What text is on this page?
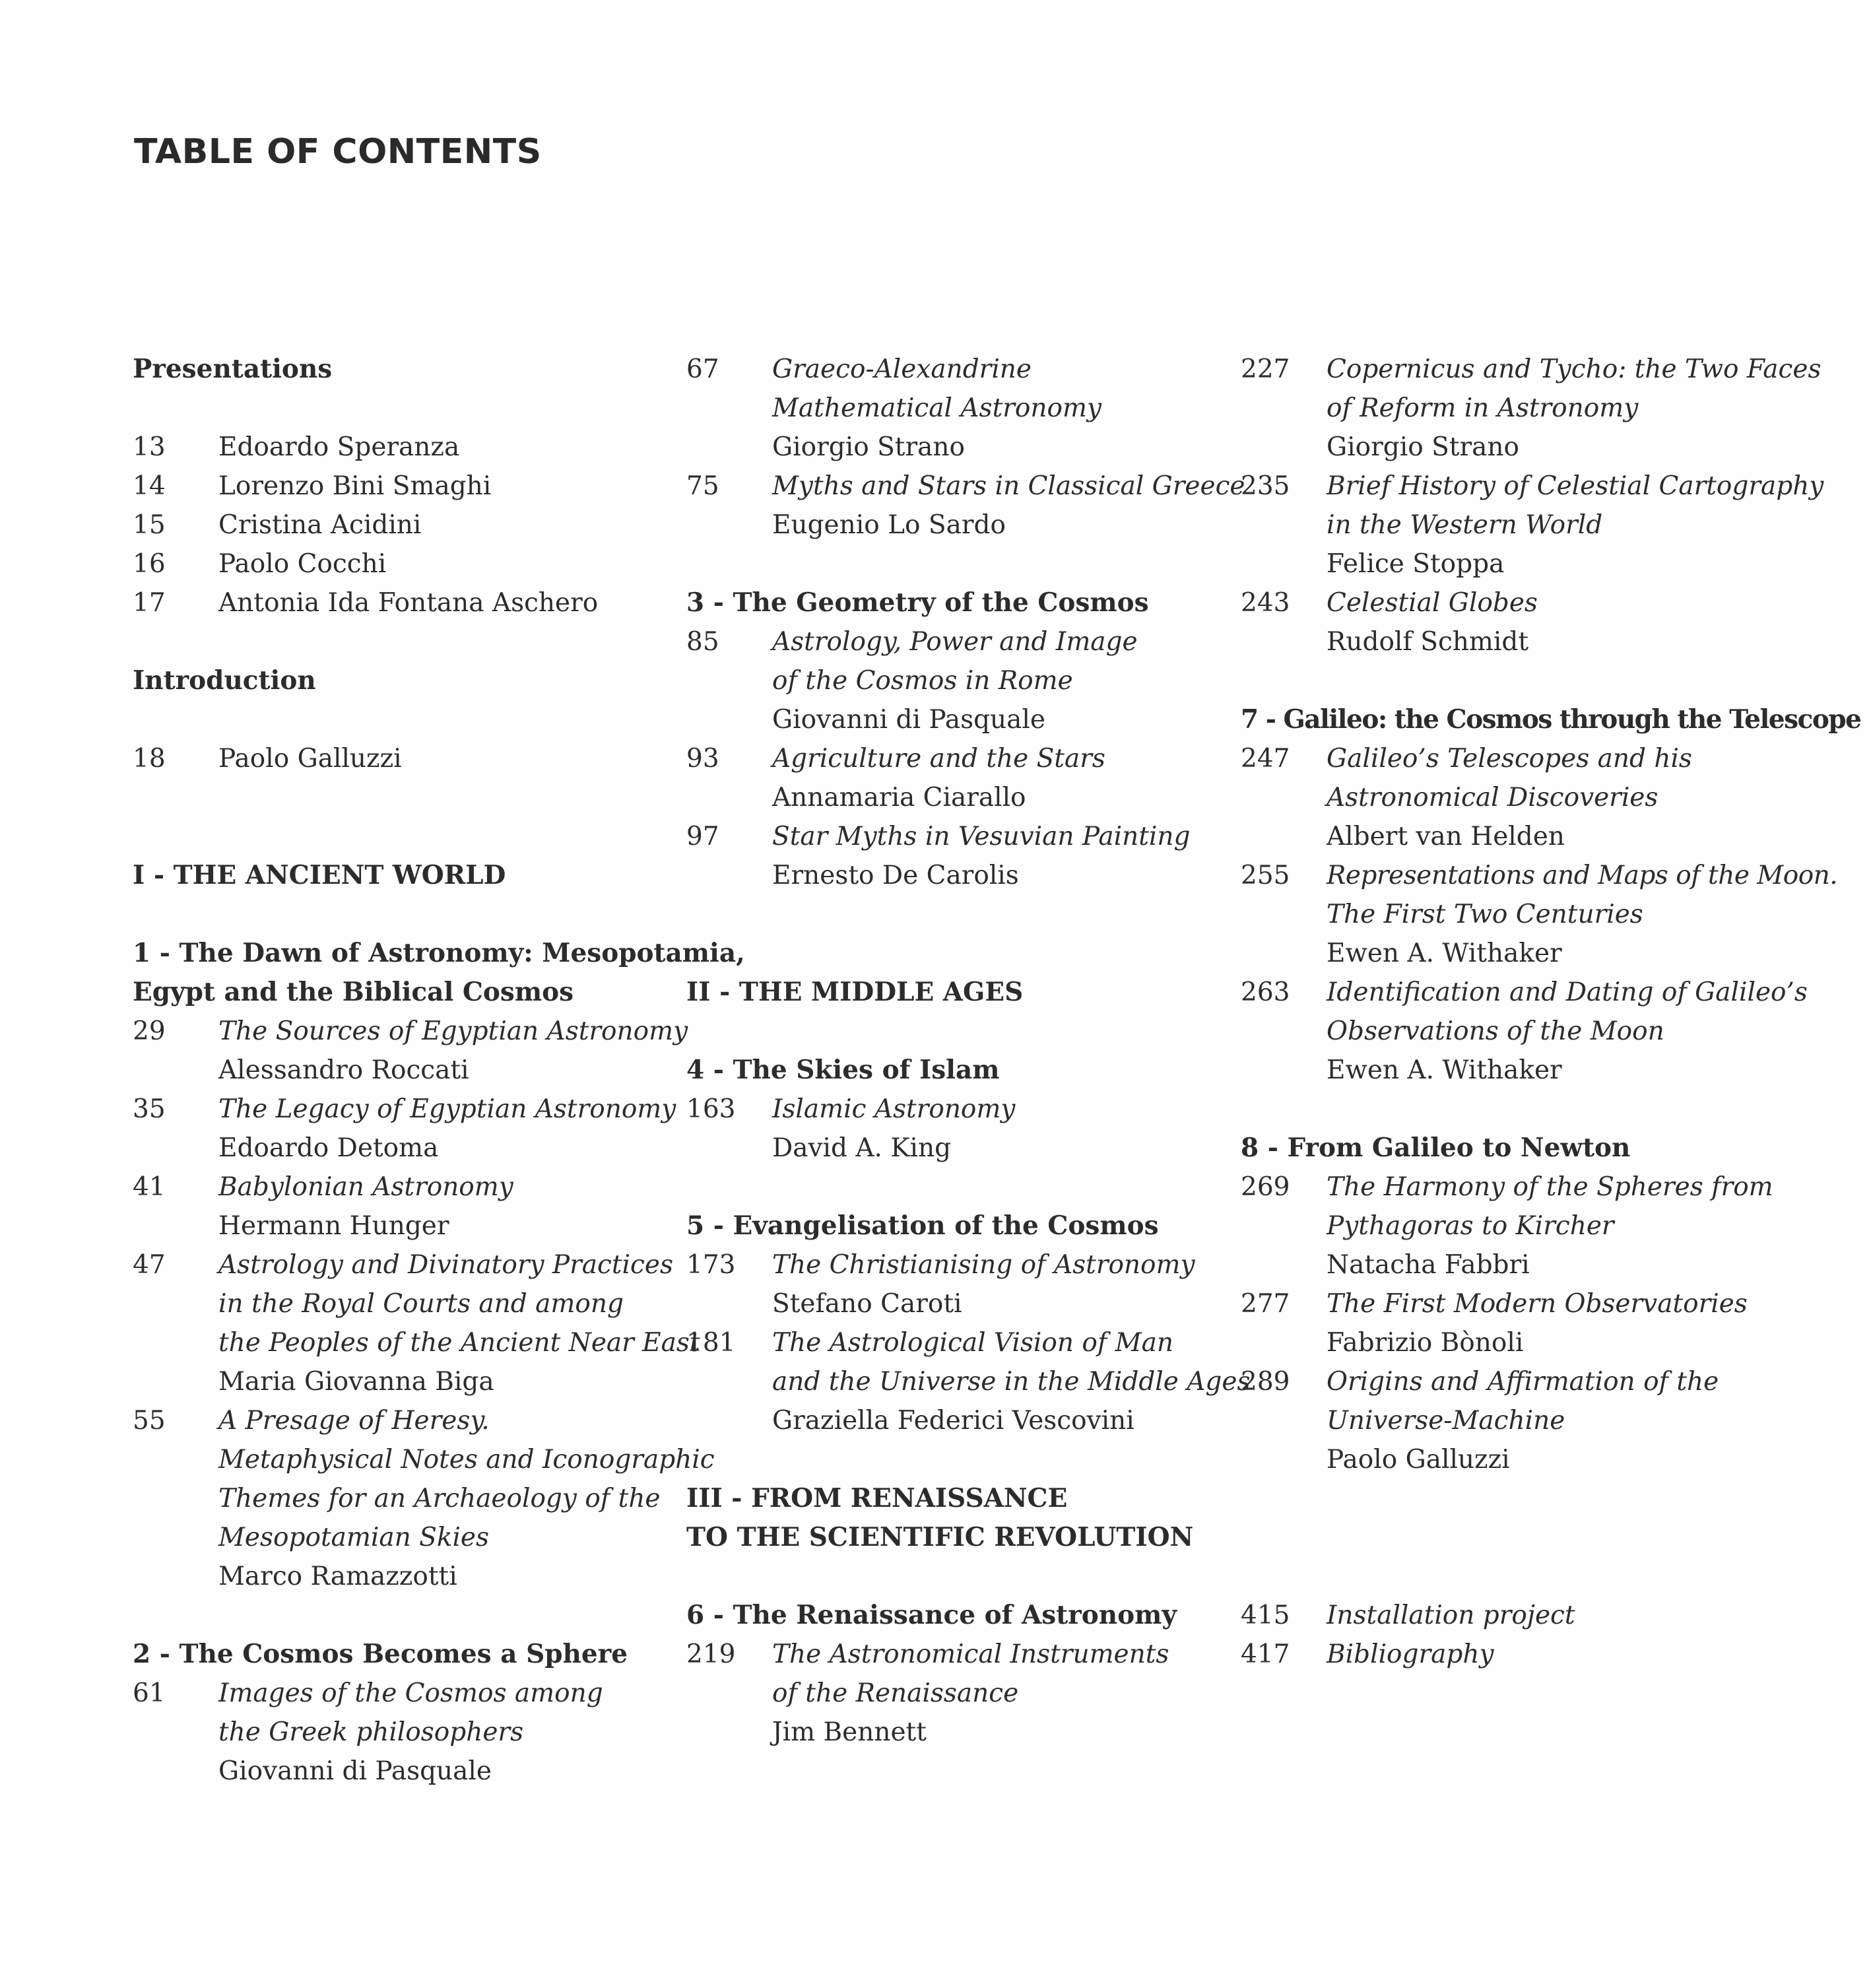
TABLE OF CONTENTS
Presentations
13	Edoardo Speranza
14	Lorenzo Bini Smaghi
15	Cristina Acidini
16	Paolo Cocchi
17	Antonia Ida Fontana Aschero
Introduction
18	Paolo Galluzzi
I - THE ANCIENT WORLD
1 - The Dawn of Astronomy: Mesopotamia,
Egypt and the Biblical Cosmos
29	The Sources of Egyptian Astronomy
Alessandro Roccati
35	The Legacy of Egyptian Astronomy
Edoardo Detoma
41	Babylonian Astronomy
Hermann Hunger
47	Astrology and Divinatory Practices
in the Royal Courts and among
the Peoples of the Ancient Near East
Maria Giovanna Biga
55	A Presage of Heresy.
Metaphysical Notes and Iconographic
Themes for an Archaeology of the
Mesopotamian Skies
Marco Ramazzotti
2 - The Cosmos Becomes a Sphere
61	Images of the Cosmos among
the Greek philosophers
Giovanni di Pasquale
67	Graeco-Alexandrine
Mathematical Astronomy
Giorgio Strano
75	Myths and Stars in Classical Greece
Eugenio Lo Sardo
3 - The Geometry of the Cosmos
85	Astrology, Power and Image
of the Cosmos in Rome
Giovanni di Pasquale
93	Agriculture and the Stars
Annamaria Ciarallo
97	Star Myths in Vesuvian Painting
Ernesto De Carolis
II - THE MIDDLE AGES
4 - The Skies of Islam
163	Islamic Astronomy
David A. King
5 - Evangelisation of the Cosmos
173	The Christianising of Astronomy
Stefano Caroti
181	The Astrological Vision of Man
and the Universe in the Middle Ages
Graziella Federici Vescovini
III - FROM RENAISSANCE
TO THE SCIENTIFIC REVOLUTION
6 - The Renaissance of Astronomy
219	The Astronomical Instruments
of the Renaissance
Jim Bennett
227	Copernicus and Tycho: the Two Faces
of Reform in Astronomy
Giorgio Strano
235	Brief History of Celestial Cartography
in the Western World
Felice Stoppa
243	Celestial Globes
Rudolf Schmidt
7 - Galileo: the Cosmos through the Telescope
247	Galileo’s Telescopes and his
Astronomical Discoveries
Albert van Helden
255	Representations and Maps of the Moon.
The First Two Centuries
Ewen A. Withaker
263	Identification and Dating of Galileo’s
Observations of the Moon
Ewen A. Withaker
8 - From Galileo to Newton
269	The Harmony of the Spheres from
Pythagoras to Kircher
Natacha Fabbri
277	The First Modern Observatories
Fabrizio Bònoli
289	Origins and Affirmation of the
Universe-Machine
Paolo Galluzzi
415	Installation project
417	Bibliography
